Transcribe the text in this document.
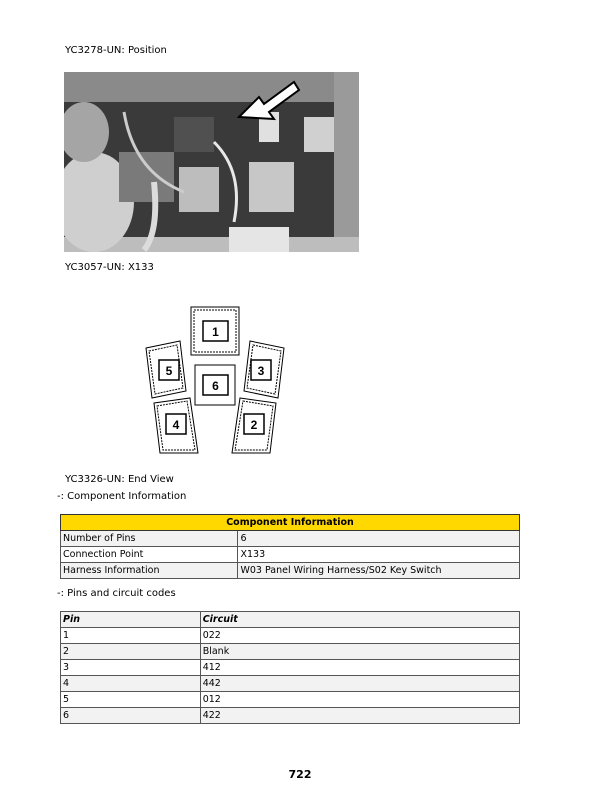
YC3278-UN: Position
YC3057-UN: X133
1
5	3
6
4	2
YC3326-UN: End View
-: Component Information
Component Information	
Number of Pins	6
Connection Point	X133
Harness Information	W03 Panel Wiring Harness/S02 Key Switch
-: Pins and circuit codes
Pin	Circuit
1	022
2	Blank
3	412
4	442
5	012
6	422
722
